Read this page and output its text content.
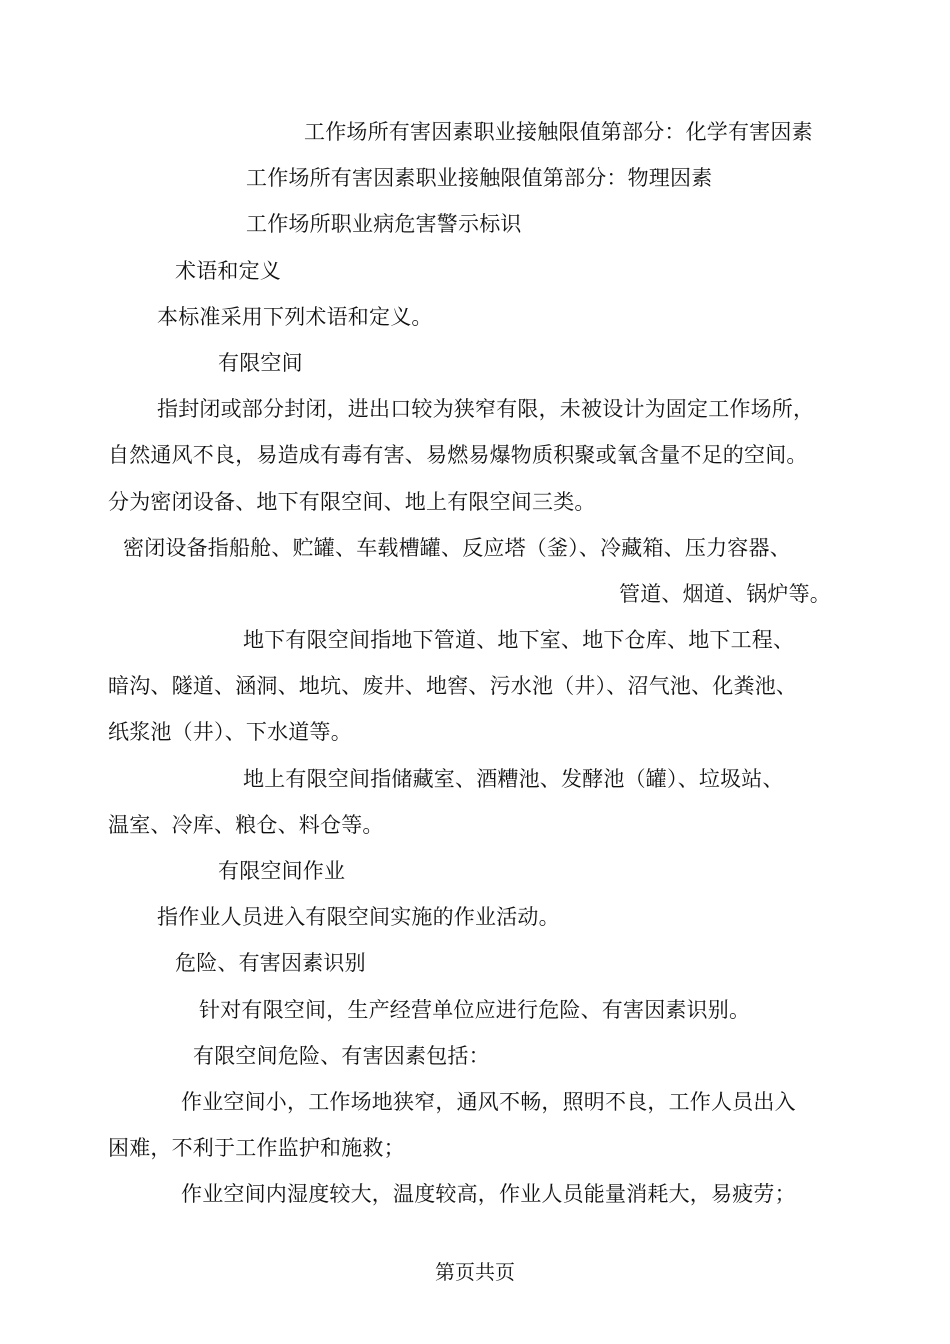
工作场所有害因素职业接触限值第部分：化学有害因素
工作场所有害因素职业接触限值第部分：物理因素
工作场所职业病危害警示标识
术语和定义
本标准采用下列术语和定义。
有限空间
指封闭或部分封闭，进出口较为狭窄有限，未被设计为固定工作场所，
自然通风不良，易造成有毒有害、易燃易爆物质积聚或氧含量不足的空间。
分为密闭设备、地下有限空间、地上有限空间三类。
密闭设备指船舱、贮罐、车载槽罐、反应塔（釜）、冷藏箱、压力容器、
管道、烟道、锅炉等。
地下有限空间指地下管道、地下室、地下仓库、地下工程、
暗沟、隧道、涵洞、地坑、废井、地窖、污水池（井）、沼气池、化粪池、
纸浆池（井）、下水道等。
地上有限空间指储藏室、酒糟池、发酵池（罐）、垃圾站、
温室、冷库、粮仓、料仓等。
有限空间作业
指作业人员进入有限空间实施的作业活动。
危险、有害因素识别
针对有限空间，生产经营单位应进行危险、有害因素识别。
有限空间危险、有害因素包括：
作业空间小，工作场地狭窄，通风不畅，照明不良，工作人员出入
困难，不利于工作监护和施救；
作业空间内湿度较大，温度较高，作业人员能量消耗大，易疲劳；
第页共页
